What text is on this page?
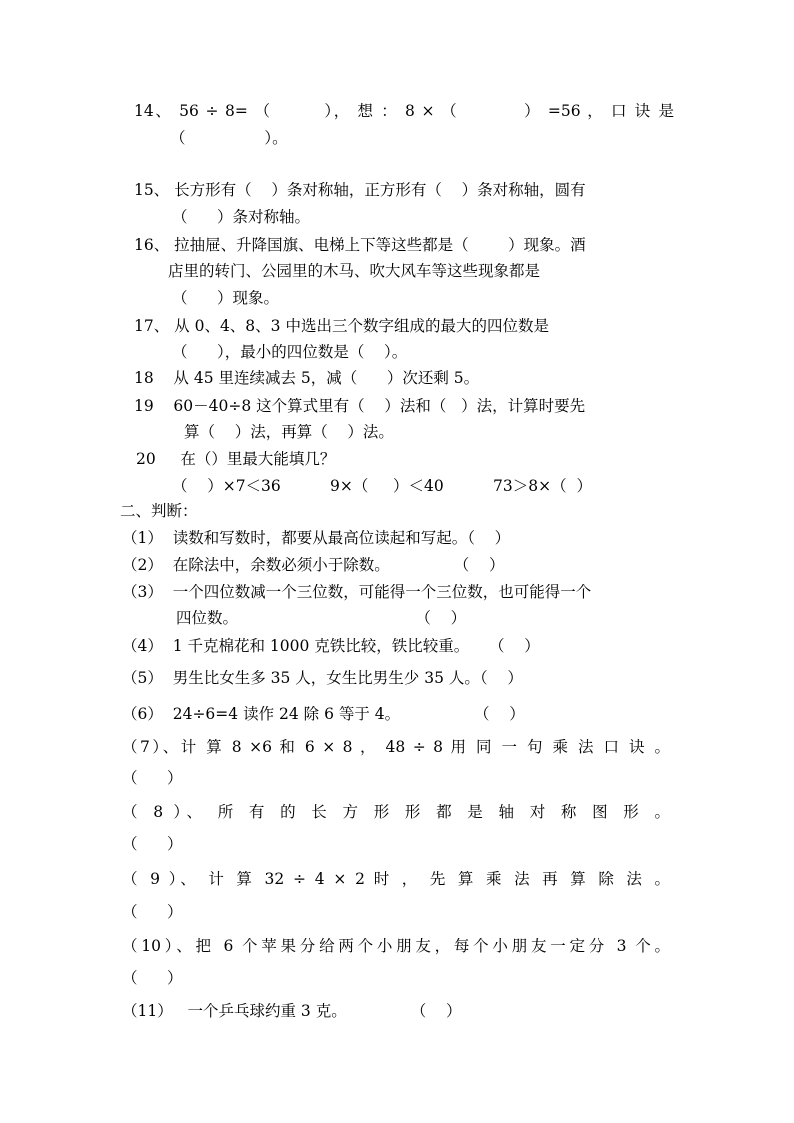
14、 56 ÷ 8= （        ）， 想 ： 8 × （          ） =56 ， 口 诀 是

（                ）。

15、 长方形有（    ）条对称轴，正方形有（    ）条对称轴，圆有

（      ）条对称轴。

16、 拉抽屉、升降国旗、电梯上下等这些都是（        ）现象。酒

店里的转门、公园里的木马、吹大风车等这些现象都是

（      ）现象。

17、 从 0、4、8、3 中选出三个数字组成的最大的四位数是

（      ），最小的四位数是（    ）。

18    从 45 里连续减去 5，减（      ）次还剩 5。

19    60－40÷8 这个算式里有（    ）法和（   ）法，计算时要先

算（    ）法，再算（    ）法。

20     在（）里最大能填几？

（    ）×7＜36          9×（     ）＜40          73＞8×（  ）

二、判断：

（1）  读数和写数时，都要从最高位读起和写起。（    ）

（2）  在除法中，余数必须小于除数。             （    ）

（3）  一个四位数减一个三位数，可能得一个三位数，也可能得一个

四位数。                                    （    ）

（4）  1 千克棉花和 1000 克铁比较，铁比较重。    （    ）

（5）  男生比女生多 35 人，女生比男生少 35 人。（    ）

（6）  24÷6=4 读作 24 除 6 等于 4。               （    ）

（7）、计 算 8 ×6 和 6 × 8 ， 48 ÷ 8 用 同 一 句 乘 法 口 诀 。

（      ）

（ 8 ）、 所 有 的 长 方 形 形 都 是 轴 对 称 图 形 。

（      ）

（ 9 ）、 计 算 32 ÷ 4 × 2 时 ， 先 算 乘 法 再 算 除 法 。

（      ）

（10）、把 6 个苹果分给两个小朋友，每个小朋友一定分 3 个。

（      ）

（11）   一个乒乓球约重 3 克。             （    ）
